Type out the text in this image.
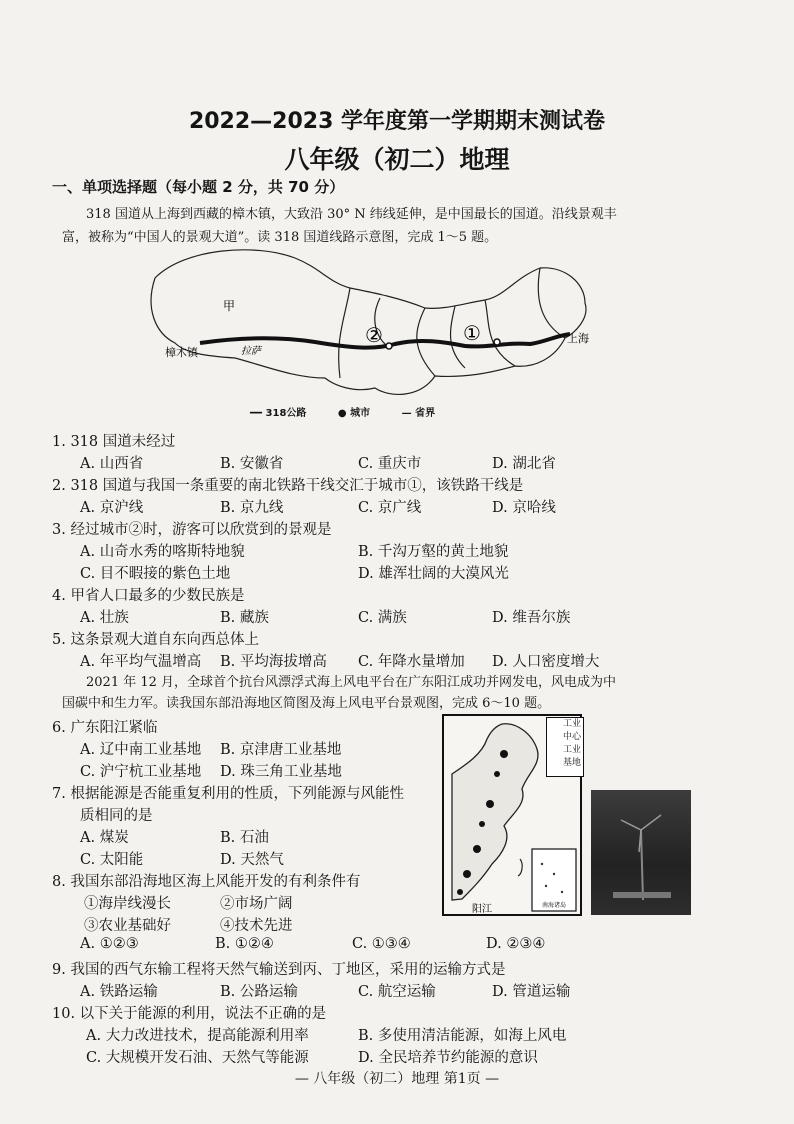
2022—2023 学年度第一学期期末测试卷
八年级（初二）地理
一、单项选择题（每小题 2 分，共 70 分）
318 国道从上海到西藏的樟木镇，大致沿 30° N 纬线延伸，是中国最长的国道。沿线景观丰
富，被称为“中国人的景观大道”。读 318 国道线路示意图，完成 1～5 题。
甲
樟木镇	拉萨
上海
②	①
━━ 318公路	● 城市	— 省界
1. 318 国道未经过
A. 山西省	B. 安徽省	C. 重庆市	D. 湖北省
2. 318 国道与我国一条重要的南北铁路干线交汇于城市①，该铁路干线是
A. 京沪线	B. 京九线	C. 京广线	D. 京哈线
3. 经过城市②时，游客可以欣赏到的景观是
A. 山奇水秀的喀斯特地貌	B. 千沟万壑的黄土地貌
C. 目不暇接的紫色土地	D. 雄浑壮阔的大漠风光
4. 甲省人口最多的少数民族是
A. 壮族	B. 藏族	C. 满族	D. 维吾尔族
5. 这条景观大道自东向西总体上
A. 年平均气温增高 B. 平均海拔增高 C. 年降水量增加 D. 人口密度增大
2021 年 12 月，全球首个抗台风漂浮式海上风电平台在广东阳江成功并网发电，风电成为中
国碳中和生力军。读我国东部沿海地区简图及海上风电平台景观图，完成 6～10 题。
南海诸岛
阳江
工业
中心
工业
基地
6. 广东阳江紧临
A. 辽中南工业基地 B. 京津唐工业基地
C. 沪宁杭工业基地 D. 珠三角工业基地
7. 根据能源是否能重复利用的性质，下列能源与风能性
质相同的是
A. 煤炭	B. 石油
C. 太阳能	D. 天然气
8. 我国东部沿海地区海上风能开发的有利条件有
①海岸线漫长	②市场广阔
③农业基础好	④技术先进
A. ①②③	B. ①②④	C. ①③④	D. ②③④
9. 我国的西气东输工程将天然气输送到丙、丁地区，采用的运输方式是
A. 铁路运输	B. 公路运输	C. 航空运输	D. 管道运输
10. 以下关于能源的利用，说法不正确的是
A. 大力改进技术，提高能源利用率	B. 多使用清洁能源，如海上风电
C. 大规模开发石油、天然气等能源	D. 全民培养节约能源的意识
— 八年级（初二）地理 第1页 —
